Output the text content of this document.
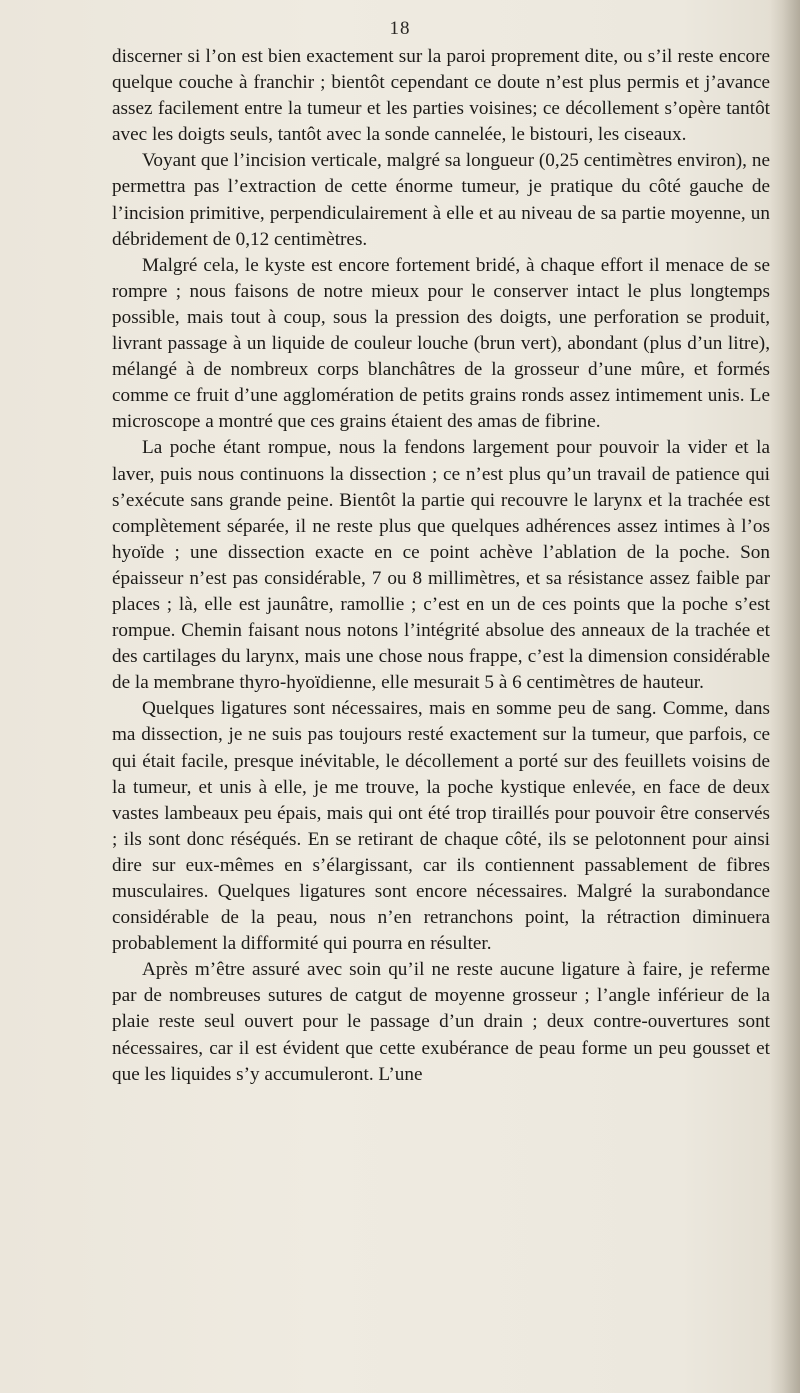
18

discerner si l’on est bien exactement sur la paroi proprement dite, ou s’il reste encore quelque couche à franchir ; bientôt cependant ce doute n’est plus permis et j’avance assez facilement entre la tumeur et les parties voisines; ce décollement s’opère tantôt avec les doigts seuls, tantôt avec la sonde cannelée, le bistouri, les ciseaux.

Voyant que l’incision verticale, malgré sa longueur (0,25 centimètres environ), ne permettra pas l’extraction de cette énorme tumeur, je pratique du côté gauche de l’incision primitive, perpendiculairement à elle et au niveau de sa partie moyenne, un débridement de 0,12 centimètres.

Malgré cela, le kyste est encore fortement bridé, à chaque effort il menace de se rompre ; nous faisons de notre mieux pour le conserver intact le plus longtemps possible, mais tout à coup, sous la pression des doigts, une perforation se produit, livrant passage à un liquide de couleur louche (brun vert), abondant (plus d’un litre), mélangé à de nombreux corps blanchâtres de la grosseur d’une mûre, et formés comme ce fruit d’une agglomération de petits grains ronds assez intimement unis. Le microscope a montré que ces grains étaient des amas de fibrine.

La poche étant rompue, nous la fendons largement pour pouvoir la vider et la laver, puis nous continuons la dissection ; ce n’est plus qu’un travail de patience qui s’exécute sans grande peine. Bientôt la partie qui recouvre le larynx et la trachée est complètement séparée, il ne reste plus que quelques adhérences assez intimes à l’os hyoïde ; une dissection exacte en ce point achève l’ablation de la poche. Son épaisseur n’est pas considérable, 7 ou 8 millimètres, et sa résistance assez faible par places ; là, elle est jaunâtre, ramollie ; c’est en un de ces points que la poche s’est rompue. Chemin faisant nous notons l’intégrité absolue des anneaux de la trachée et des cartilages du larynx, mais une chose nous frappe, c’est la dimension considérable de la membrane thyro-hyoïdienne, elle mesurait 5 à 6 centimètres de hauteur.

Quelques ligatures sont nécessaires, mais en somme peu de sang. Comme, dans ma dissection, je ne suis pas toujours resté exactement sur la tumeur, que parfois, ce qui était facile, presque inévitable, le décollement a porté sur des feuillets voisins de la tumeur, et unis à elle, je me trouve, la poche kystique enlevée, en face de deux vastes lambeaux peu épais, mais qui ont été trop tiraillés pour pouvoir être conservés ; ils sont donc réséqués. En se retirant de chaque côté, ils se pelotonnent pour ainsi dire sur eux-mêmes en s’élargissant, car ils contiennent passablement de fibres musculaires. Quelques ligatures sont encore nécessaires. Malgré la surabondance considérable de la peau, nous n’en retranchons point, la rétraction diminuera probablement la difformité qui pourra en résulter.

Après m’être assuré avec soin qu’il ne reste aucune ligature à faire, je referme par de nombreuses sutures de catgut de moyenne grosseur ; l’angle inférieur de la plaie reste seul ouvert pour le passage d’un drain ; deux contre-ouvertures sont nécessaires, car il est évident que cette exubérance de peau forme un peu gousset et que les liquides s’y accumuleront. L’une
